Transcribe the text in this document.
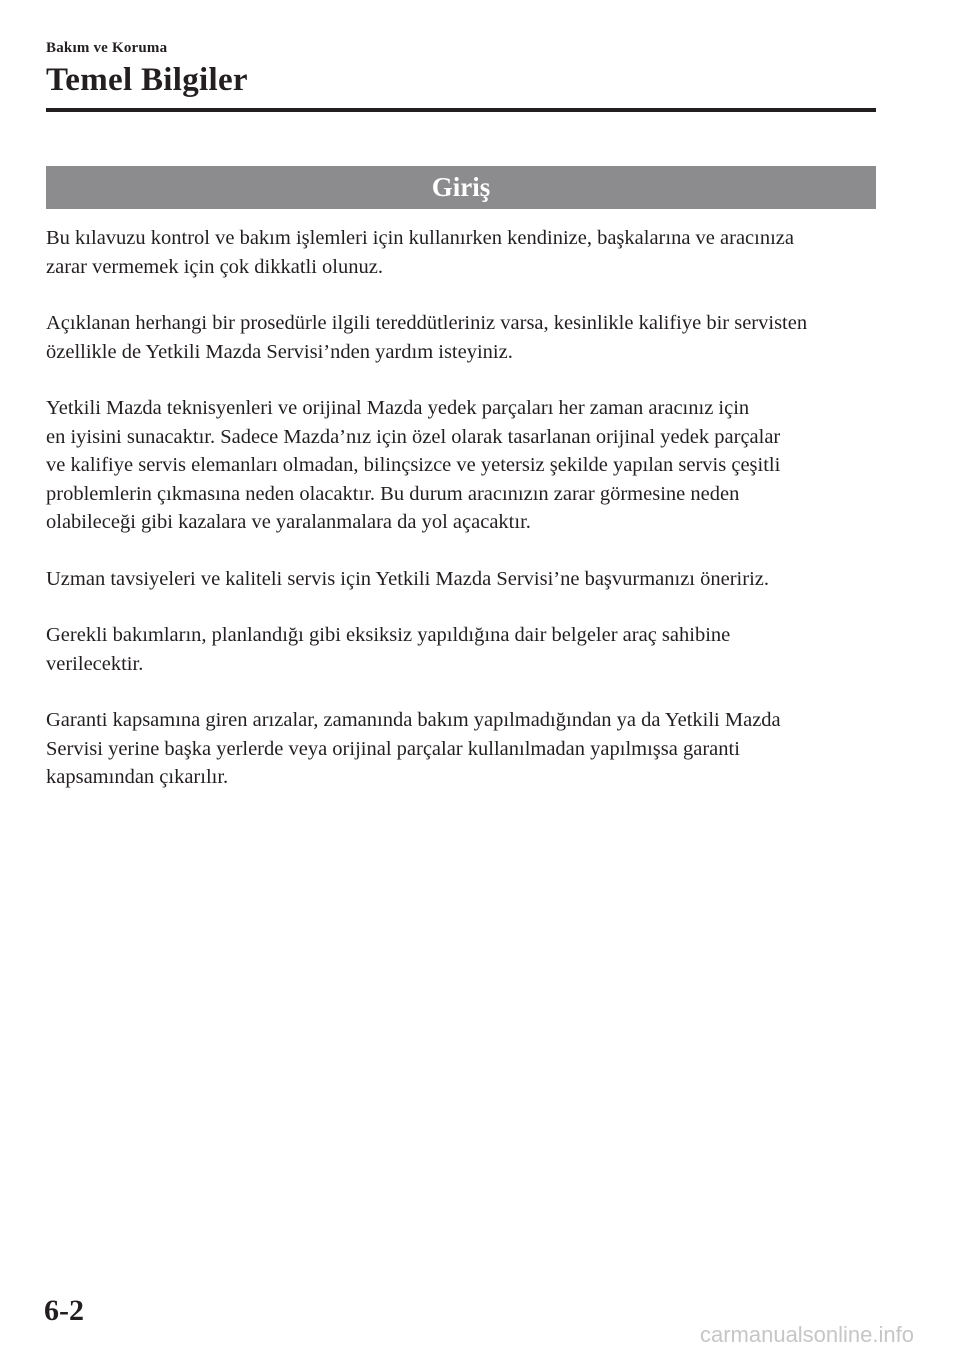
Bakım ve Koruma
Temel Bilgiler
Giriş

Bu kılavuzu kontrol ve bakım işlemleri için kullanırken kendinize, başkalarına ve aracınıza
zarar vermemek için çok dikkatli olunuz.

Açıklanan herhangi bir prosedürle ilgili tereddütleriniz varsa, kesinlikle kalifiye bir servisten
özellikle de Yetkili Mazda Servisi’nden yardım isteyiniz.

Yetkili Mazda teknisyenleri ve orijinal Mazda yedek parçaları her zaman aracınız için
en iyisini sunacaktır. Sadece Mazda’nız için özel olarak tasarlanan orijinal yedek parçalar
ve kalifiye servis elemanları olmadan, bilinçsizce ve yetersiz şekilde yapılan servis çeşitli
problemlerin çıkmasına neden olacaktır. Bu durum aracınızın zarar görmesine neden
olabileceği gibi kazalara ve yaralanmalara da yol açacaktır.

Uzman tavsiyeleri ve kaliteli servis için Yetkili Mazda Servisi’ne başvurmanızı öneririz.

Gerekli bakımların, planlandığı gibi eksiksiz yapıldığına dair belgeler araç sahibine
verilecektir.

Garanti kapsamına giren arızalar, zamanında bakım yapılmadığından ya da Yetkili Mazda
Servisi yerine başka yerlerde veya orijinal parçalar kullanılmadan yapılmışsa garanti
kapsamından çıkarılır.

6-2
carmanualsonline.info
